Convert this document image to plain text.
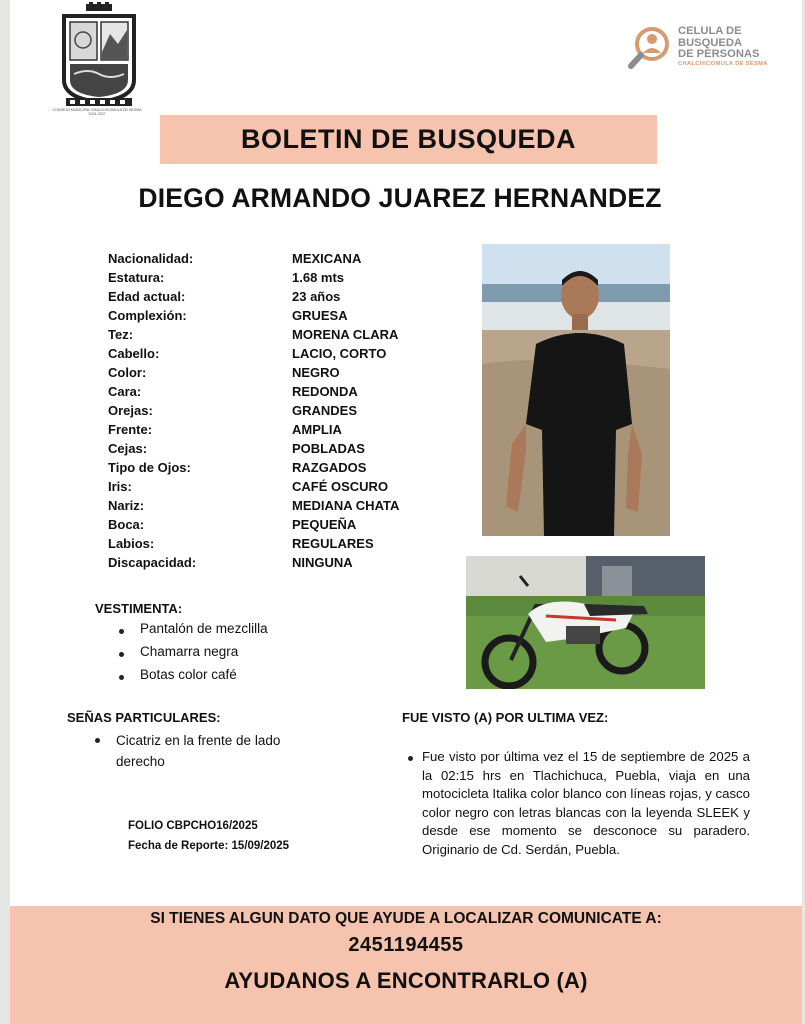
CONSEJO MUNICIPAL CHALCHICOMULA DE SESMA 2024-2027
CELULA DE
BUSQUEDA
DE PERSONAS
CHALCHICOMULA DE SESMA
BOLETIN DE BUSQUEDA
DIEGO ARMANDO JUAREZ HERNANDEZ
Nacionalidad:	MEXICANA
Estatura:	1.68 mts
Edad actual:	23 años
Complexión:	GRUESA
Tez:	MORENA CLARA
Cabello:	LACIO, CORTO
Color:	NEGRO
Cara:	REDONDA
Orejas:	GRANDES
Frente:	AMPLIA
Cejas:	POBLADAS
Tipo de Ojos:	RAZGADOS
Iris:	CAFÉ OSCURO
Nariz:	MEDIANA CHATA
Boca:	PEQUEÑA
Labios:	REGULARES
Discapacidad:	NINGUNA
VESTIMENTA:
Pantalón de mezclilla
Chamarra negra
Botas color café
SEÑAS PARTICULARES:
Cicatriz en la frente de lado
derecho
FOLIO CBPCHO16/2025
Fecha de Reporte: 15/09/2025
FUE VISTO (A) POR ULTIMA VEZ:
Fue visto por última vez el 15 de septiembre de 2025 a la 02:15 hrs en Tlachichuca, Puebla, viaja en una motocicleta Italika color blanco con líneas rojas, y casco color negro con letras blancas con la leyenda SLEEK y desde ese momento se desconoce su paradero. Originario de Cd. Serdán, Puebla.
SI TIENES ALGUN DATO QUE AYUDE A LOCALIZAR COMUNICATE A:
2451194455
AYUDANOS A ENCONTRARLO (A)
